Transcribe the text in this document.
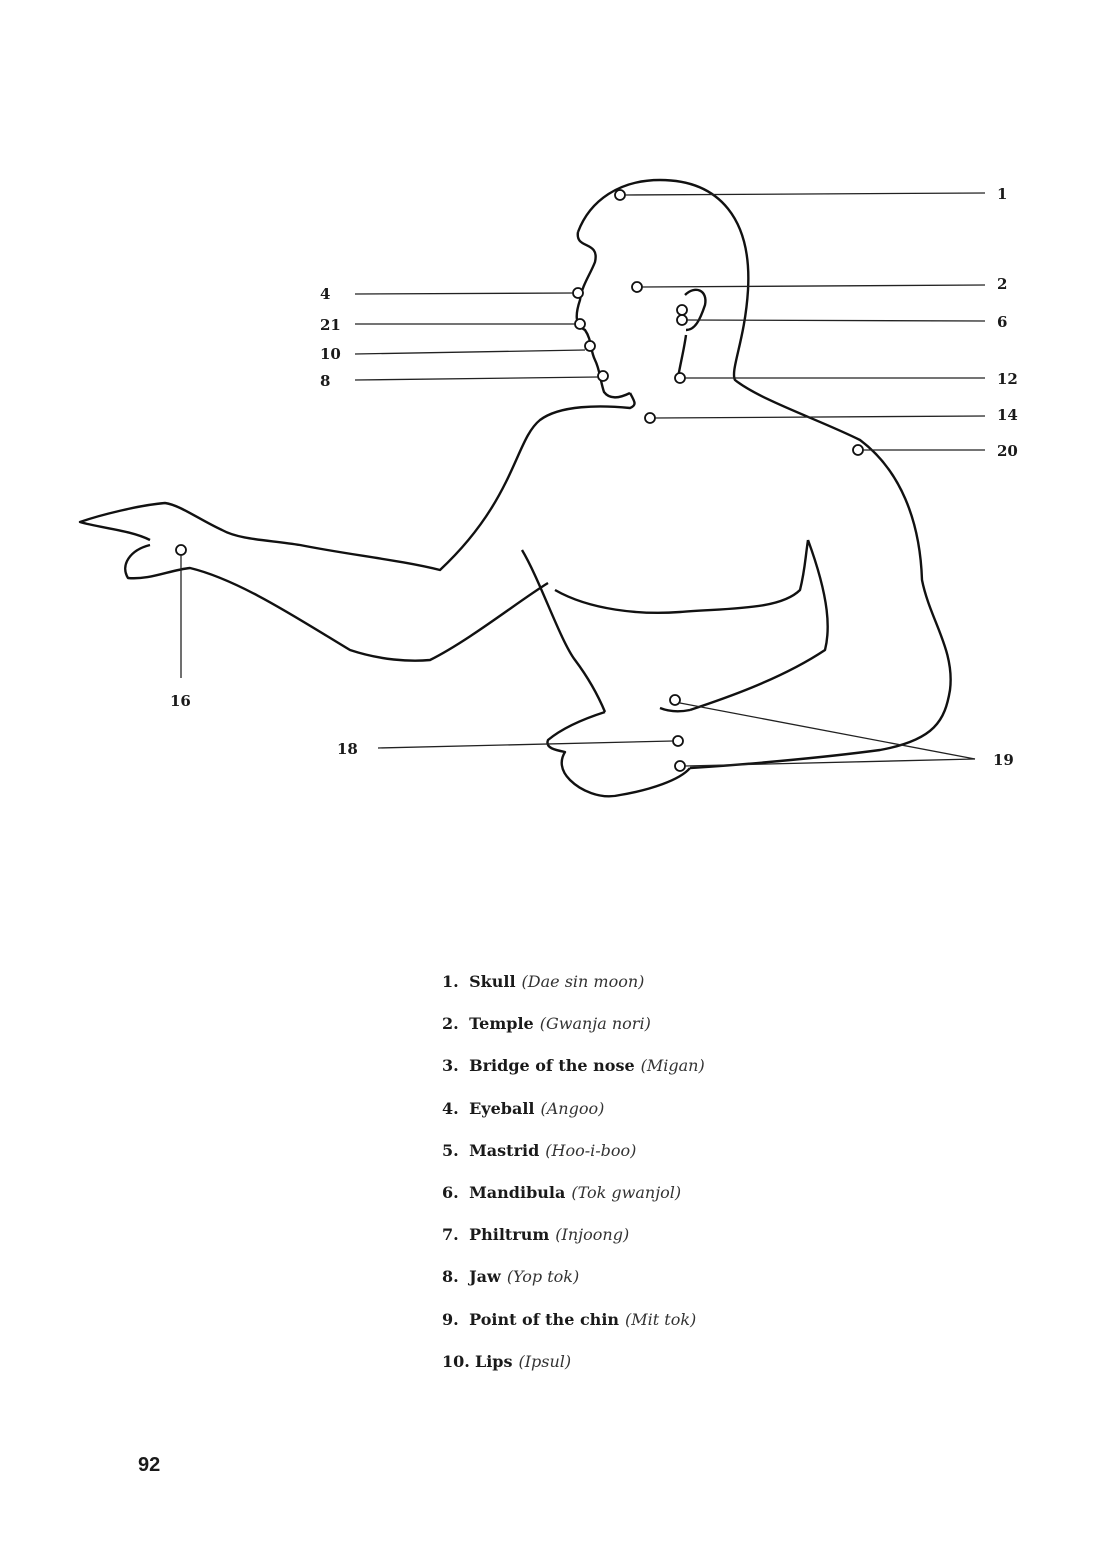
1
2
6
12
14
20
4
21
10
8
16
18
19
1. Skull (Dae sin moon)
2. Temple (Gwanja nori)
3. Bridge of the nose (Migan)
4. Eyeball (Angoo)
5. Mastrid (Hoo-i-boo)
6. Mandibula (Tok gwanjol)
7. Philtrum (Injoong)
8. Jaw (Yop tok)
9. Point of the chin (Mit tok)
10. Lips (Ipsul)
92
